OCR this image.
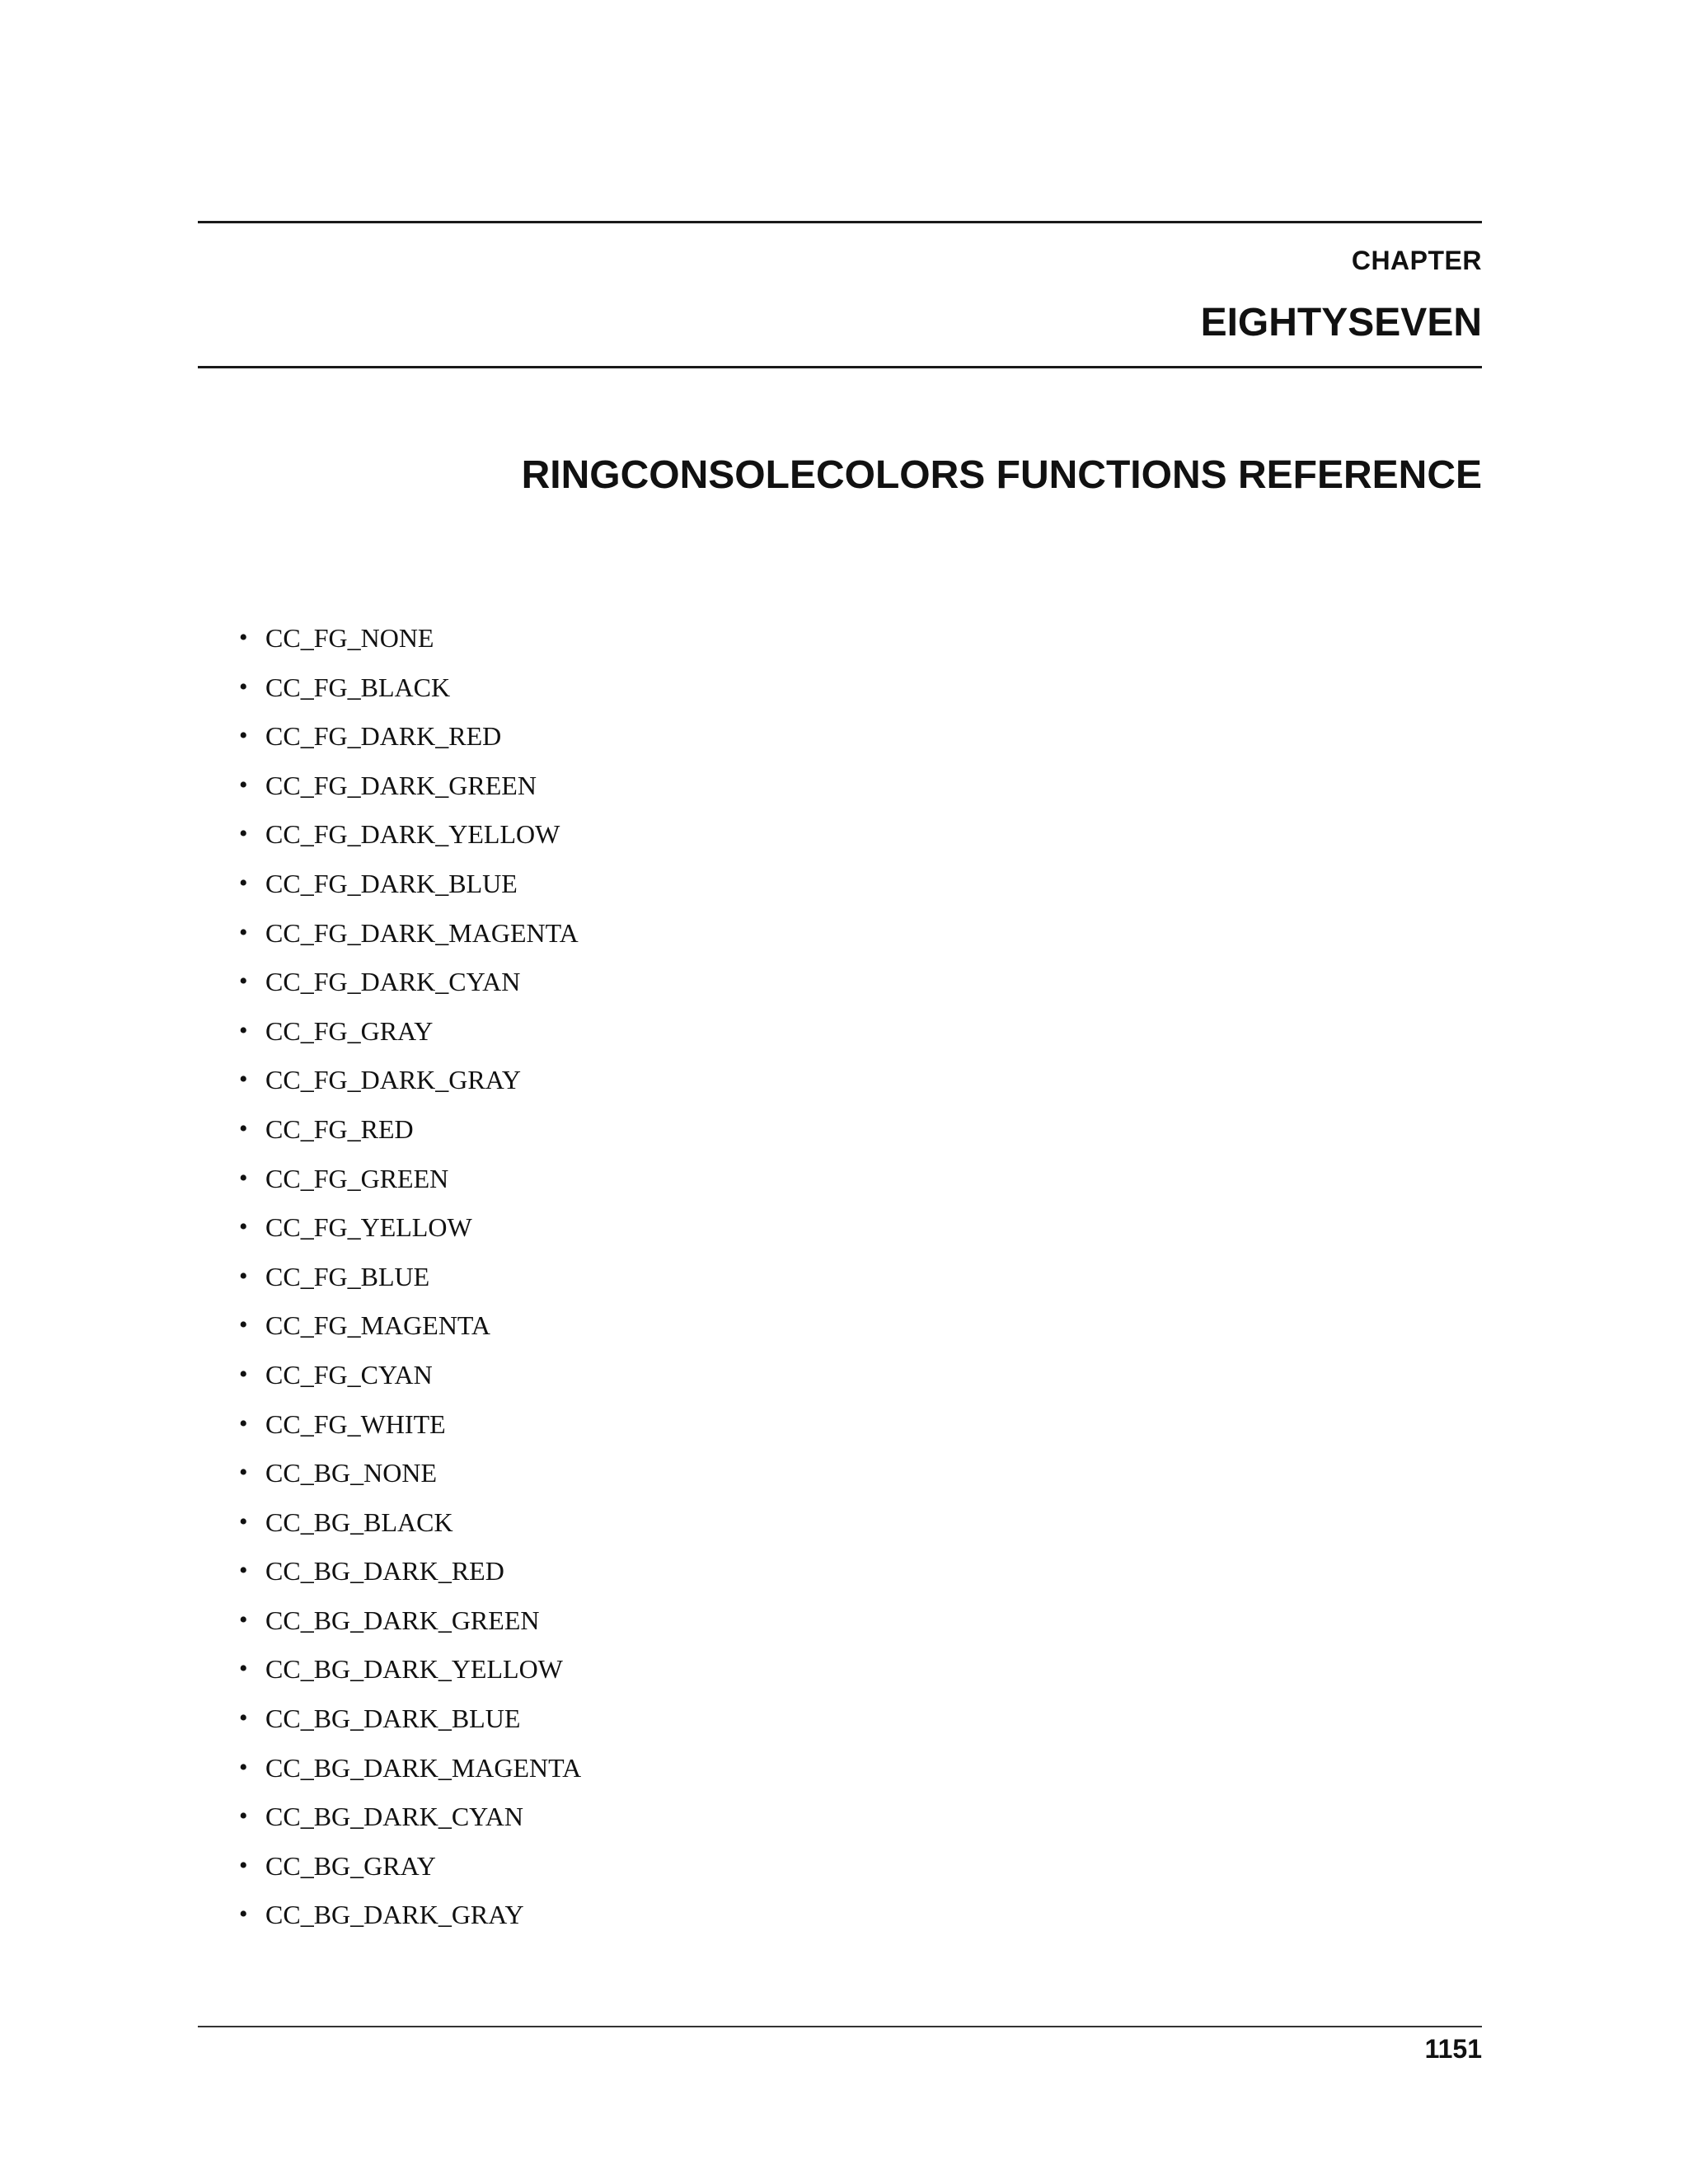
CHAPTER
EIGHTYSEVEN
RINGCONSOLECOLORS FUNCTIONS REFERENCE
• CC_FG_NONE
• CC_FG_BLACK
• CC_FG_DARK_RED
• CC_FG_DARK_GREEN
• CC_FG_DARK_YELLOW
• CC_FG_DARK_BLUE
• CC_FG_DARK_MAGENTA
• CC_FG_DARK_CYAN
• CC_FG_GRAY
• CC_FG_DARK_GRAY
• CC_FG_RED
• CC_FG_GREEN
• CC_FG_YELLOW
• CC_FG_BLUE
• CC_FG_MAGENTA
• CC_FG_CYAN
• CC_FG_WHITE
• CC_BG_NONE
• CC_BG_BLACK
• CC_BG_DARK_RED
• CC_BG_DARK_GREEN
• CC_BG_DARK_YELLOW
• CC_BG_DARK_BLUE
• CC_BG_DARK_MAGENTA
• CC_BG_DARK_CYAN
• CC_BG_GRAY
• CC_BG_DARK_GRAY
1151
